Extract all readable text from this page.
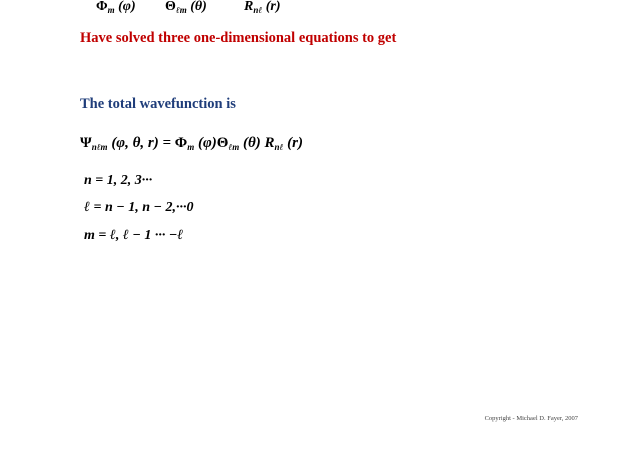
Have solved three one-dimensional equations to get
$\Phi_m$ (φ) $\Theta_{\ell m}$ (θ)	$R_{n\ell}$ (r)
The total wavefunction is
$\Psi_{n\ell m}$ (φ, θ, $r) = \Phi_m$ $(\varphi)\Theta_{\ell m}$ (θ) $R_{n\ell}$ (r)
n = 1, 2, 3···
ℓ = n − 1, n − 2,···0
m = ℓ, ℓ − 1 ··· −ℓ
Copyright - Michael D. Fayer, 2007
